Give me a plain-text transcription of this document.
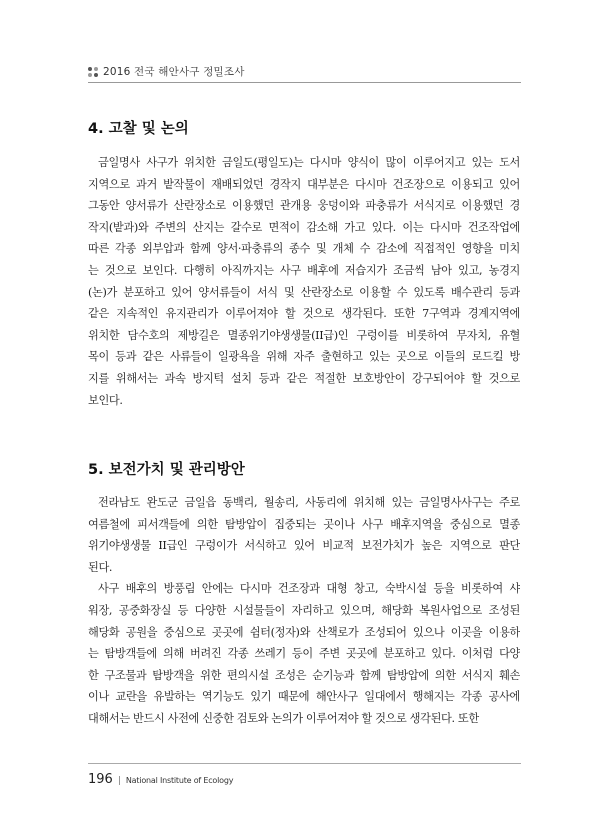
2016 전국 해안사구 정밀조사
4. 고찰 및 논의
금일명사 사구가 위치한 금일도(평일도)는 다시마 양식이 많이 이루어지고 있는 도서
지역으로 과거 밭작물이 재배되었던 경작지 대부분은 다시마 건조장으로 이용되고 있어
그동안 양서류가 산란장소로 이용했던 관개용 웅덩이와 파충류가 서식지로 이용했던 경
작지(밭과)와 주변의 산지는 갈수로 면적이 감소해 가고 있다. 이는 다시마 건조작업에
따른 각종 외부압과 함께 양서·파충류의 종수 및 개체 수 감소에 직접적인 영향을 미치
는 것으로 보인다. 다행히 아직까지는 사구 배후에 저습지가 조금씩 남아 있고, 농경지
(논)가 분포하고 있어 양서류들이 서식 및 산란장소로 이용할 수 있도록 배수관리 등과
같은 지속적인 유지관리가 이루어져야 할 것으로 생각된다. 또한 7구역과 경계지역에
위치한 담수호의 제방길은 멸종위기야생생물(II급)인 구렁이를 비롯하여 무자치, 유혈
목이 등과 같은 사류들이 일광욕을 위해 자주 출현하고 있는 곳으로 이들의 로드킬 방
지를 위해서는 과속 방지턱 설치 등과 같은 적절한 보호방안이 강구되어야 할 것으로
보인다.
5. 보전가치 및 관리방안
전라남도 완도군 금일읍 동백리, 월송리, 사동리에 위치해 있는 금일명사사구는 주로
여름철에 피서객들에 의한 탐방압이 집중되는 곳이나 사구 배후지역을 중심으로 멸종
위기야생생물 II급인 구렁이가 서식하고 있어 비교적 보전가치가 높은 지역으로 판단
된다.
사구 배후의 방풍림 안에는 다시마 건조장과 대형 창고, 숙박시설 등을 비롯하여 샤
워장, 공중화장실 등 다양한 시설물들이 자리하고 있으며, 해당화 복원사업으로 조성된
해당화 공원을 중심으로 곳곳에 쉼터(정자)와 산책로가 조성되어 있으나 이곳을 이용하
는 탐방객들에 의해 버려진 각종 쓰레기 등이 주변 곳곳에 분포하고 있다. 이처럼 다양
한 구조물과 탐방객을 위한 편의시설 조성은 순기능과 함께 탐방압에 의한 서식지 훼손
이나 교란을 유발하는 역기능도 있기 때문에 해안사구 일대에서 행해지는 각종 공사에
대해서는 반드시 사전에 신중한 검토와 논의가 이루어져야 할 것으로 생각된다. 또한
196 | National Institute of Ecology
